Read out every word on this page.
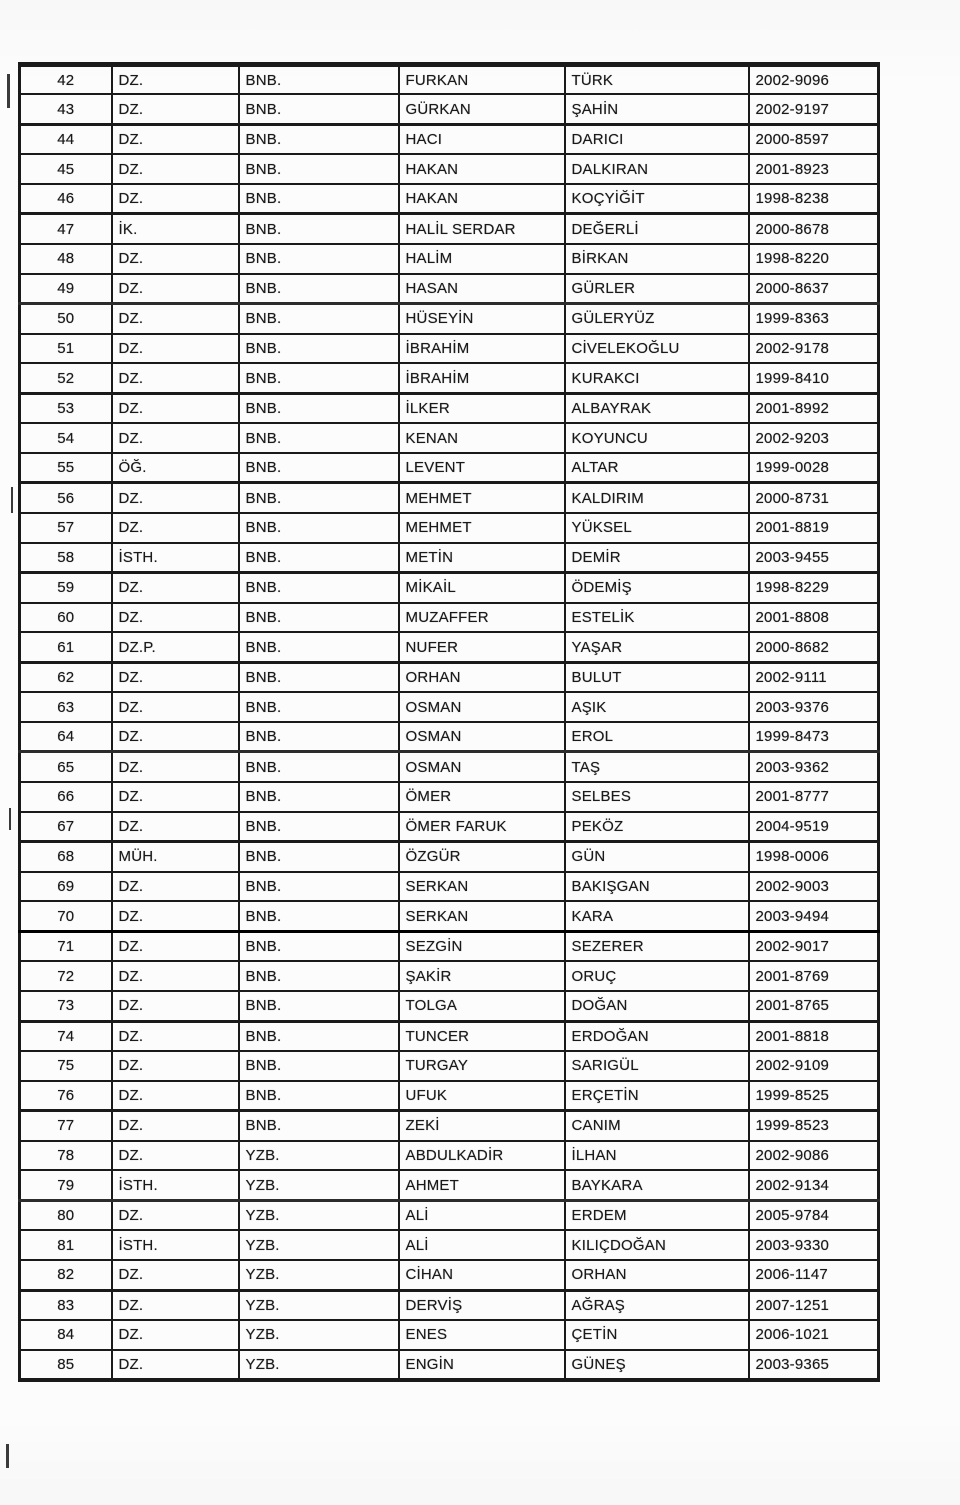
42	DZ.	BNB.	FURKAN	TÜRK	2002-9096
43	DZ.	BNB.	GÜRKAN	ŞAHİN	2002-9197
44	DZ.	BNB.	HACI	DARICI	2000-8597
45	DZ.	BNB.	HAKAN	DALKIRAN	2001-8923
46	DZ.	BNB.	HAKAN	KOÇYİĞİT	1998-8238
47	İK.	BNB.	HALİL SERDAR	DEĞERLİ	2000-8678
48	DZ.	BNB.	HALİM	BİRKAN	1998-8220
49	DZ.	BNB.	HASAN	GÜRLER	2000-8637
50	DZ.	BNB.	HÜSEYİN	GÜLERYÜZ	1999-8363
51	DZ.	BNB.	İBRAHİM	CİVELEKOĞLU	2002-9178
52	DZ.	BNB.	İBRAHİM	KURAKCI	1999-8410
53	DZ.	BNB.	İLKER	ALBAYRAK	2001-8992
54	DZ.	BNB.	KENAN	KOYUNCU	2002-9203
55	ÖĞ.	BNB.	LEVENT	ALTAR	1999-0028
56	DZ.	BNB.	MEHMET	KALDIRIM	2000-8731
57	DZ.	BNB.	MEHMET	YÜKSEL	2001-8819
58	İSTH.	BNB.	METİN	DEMİR	2003-9455
59	DZ.	BNB.	MİKAİL	ÖDEMİŞ	1998-8229
60	DZ.	BNB.	MUZAFFER	ESTELİK	2001-8808
61	DZ.P.	BNB.	NUFER	YAŞAR	2000-8682
62	DZ.	BNB.	ORHAN	BULUT	2002-9111
63	DZ.	BNB.	OSMAN	AŞIK	2003-9376
64	DZ.	BNB.	OSMAN	EROL	1999-8473
65	DZ.	BNB.	OSMAN	TAŞ	2003-9362
66	DZ.	BNB.	ÖMER	SELBES	2001-8777
67	DZ.	BNB.	ÖMER FARUK	PEKÖZ	2004-9519
68	MÜH.	BNB.	ÖZGÜR	GÜN	1998-0006
69	DZ.	BNB.	SERKAN	BAKIŞGAN	2002-9003
70	DZ.	BNB.	SERKAN	KARA	2003-9494
71	DZ.	BNB.	SEZGİN	SEZERER	2002-9017
72	DZ.	BNB.	ŞAKİR	ORUÇ	2001-8769
73	DZ.	BNB.	TOLGA	DOĞAN	2001-8765
74	DZ.	BNB.	TUNCER	ERDOĞAN	2001-8818
75	DZ.	BNB.	TURGAY	SARIGÜL	2002-9109
76	DZ.	BNB.	UFUK	ERÇETİN	1999-8525
77	DZ.	BNB.	ZEKİ	CANIM	1999-8523
78	DZ.	YZB.	ABDULKADİR	İLHAN	2002-9086
79	İSTH.	YZB.	AHMET	BAYKARA	2002-9134
80	DZ.	YZB.	ALİ	ERDEM	2005-9784
81	İSTH.	YZB.	ALİ	KILIÇDOĞAN	2003-9330
82	DZ.	YZB.	CİHAN	ORHAN	2006-1147
83	DZ.	YZB.	DERVİŞ	AĞRAŞ	2007-1251
84	DZ.	YZB.	ENES	ÇETİN	2006-1021
85	DZ.	YZB.	ENGİN	GÜNEŞ	2003-9365
